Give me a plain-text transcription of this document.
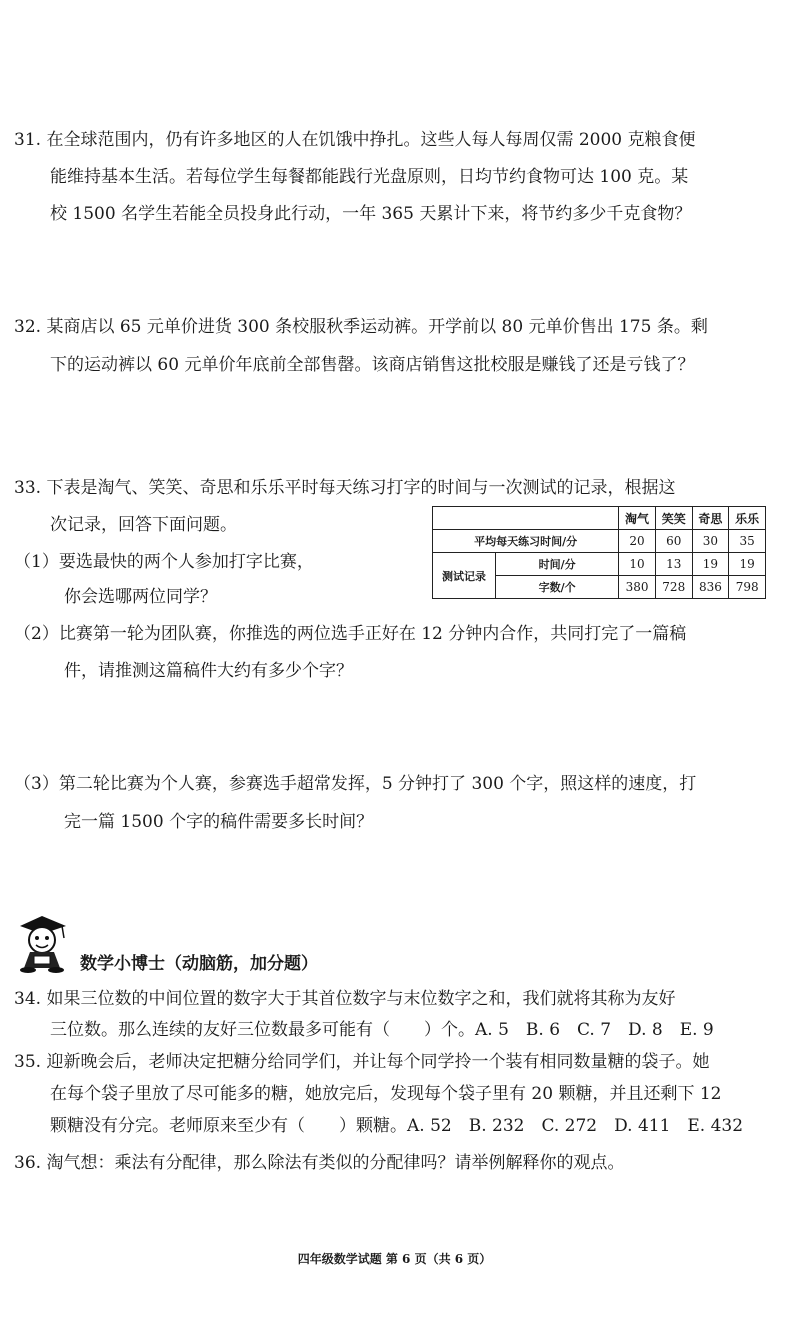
31. 在全球范围内，仍有许多地区的人在饥饿中挣扎。这些人每人每周仅需 2000 克粮食便
能维持基本生活。若每位学生每餐都能践行光盘原则，日均节约食物可达 100 克。某
校 1500 名学生若能全员投身此行动，一年 365 天累计下来，将节约多少千克食物？
32. 某商店以 65 元单价进货 300 条校服秋季运动裤。开学前以 80 元单价售出 175 条。剩
下的运动裤以 60 元单价年底前全部售罄。该商店销售这批校服是赚钱了还是亏钱了？
33. 下表是淘气、笑笑、奇思和乐乐平时每天练习打字的时间与一次测试的记录，根据这
次记录，回答下面问题。
（1）要选最快的两个人参加打字比赛，
你会选哪两位同学？
		淘气	笑笑	奇思	乐乐
平均每天练习时间/分		20	60	30	35
测试记录	时间/分	10	13	19	19
	字数/个	380	728	836	798
（2）比赛第一轮为团队赛，你推选的两位选手正好在 12 分钟内合作，共同打完了一篇稿
件，请推测这篇稿件大约有多少个字？
（3）第二轮比赛为个人赛，参赛选手超常发挥，5 分钟打了 300 个字，照这样的速度，打
完一篇 1500 个字的稿件需要多长时间？
数学小博士（动脑筋，加分题）
34. 如果三位数的中间位置的数字大于其首位数字与末位数字之和，我们就将其称为友好
三位数。那么连续的友好三位数最多可能有（　　）个。A. 5　B. 6　C. 7　D. 8　E. 9
35. 迎新晚会后，老师决定把糖分给同学们，并让每个同学拎一个装有相同数量糖的袋子。她
在每个袋子里放了尽可能多的糖，她放完后，发现每个袋子里有 20 颗糖，并且还剩下 12
颗糖没有分完。老师原来至少有（　　）颗糖。A. 52　B. 232　C. 272　D. 411　E. 432
36. 淘气想：乘法有分配律，那么除法有类似的分配律吗？请举例解释你的观点。
四年级数学试题 第 6 页（共 6 页）
